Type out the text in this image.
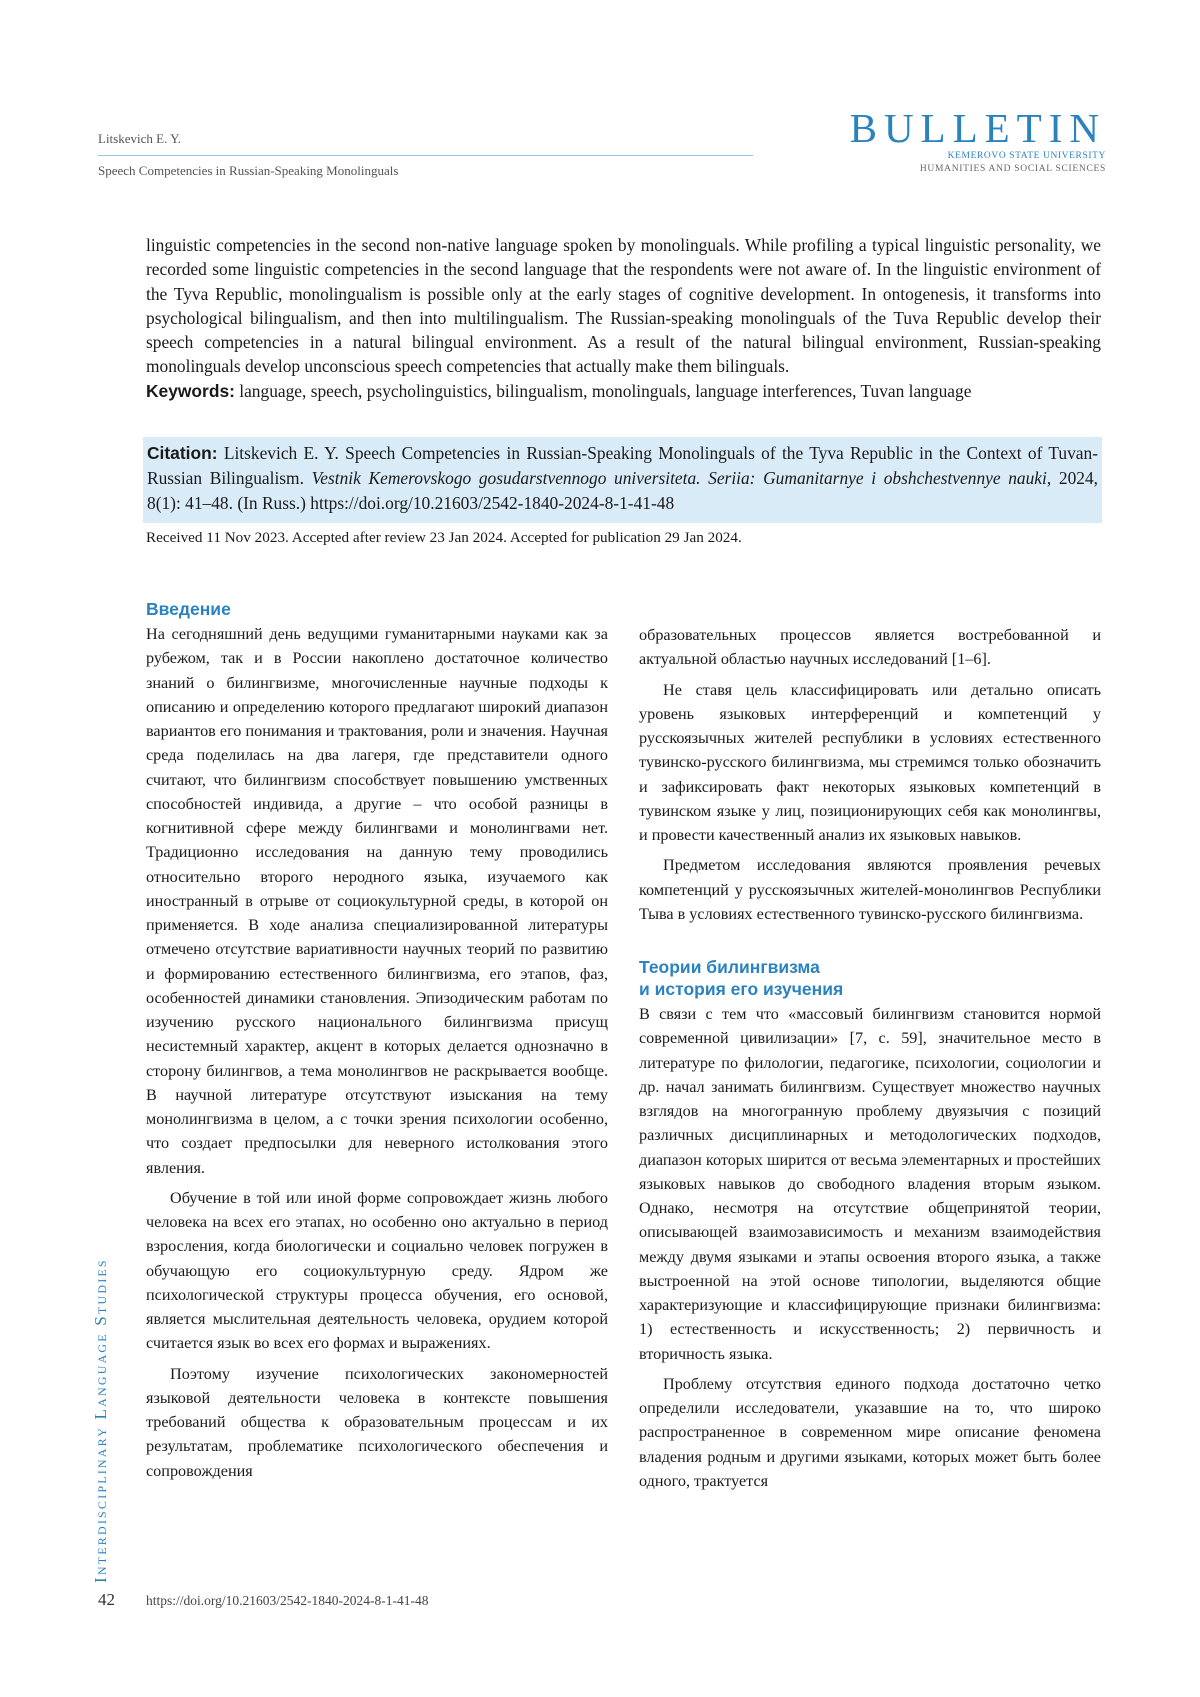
Litskevich E. Y.
Speech Competencies in Russian-Speaking Monolinguals
BULLETIN
KEMEROVO STATE UNIVERSITY
HUMANITIES AND SOCIAL SCIENCES

linguistic competencies in the second non-native language spoken by monolinguals. While profiling a typical linguistic personality, we recorded some linguistic competencies in the second language that the respondents were not aware of. In the linguistic environment of the Tyva Republic, monolingualism is possible only at the early stages of cognitive development. In ontogenesis, it transforms into psychological bilingualism, and then into multilingualism. The Russian-speaking monolinguals of the Tuva Republic develop their speech competencies in a natural bilingual environment. As a result of the natural bilingual environment, Russian-speaking monolinguals develop unconscious speech competencies that actually make them bilinguals.

Keywords: language, speech, psycholinguistics, bilingualism, monolinguals, language interferences, Tuvan language

Citation: Litskevich E. Y. Speech Competencies in Russian-Speaking Monolinguals of the Tyva Republic in the Context of Tuvan-Russian Bilingualism. Vestnik Kemerovskogo gosudarstvennogo universiteta. Seriia: Gumanitarnye i obshchestvennye nauki, 2024, 8(1): 41–48. (In Russ.) https://doi.org/10.21603/2542-1840-2024-8-1-41-48
Received 11 Nov 2023. Accepted after review 23 Jan 2024. Accepted for publication 29 Jan 2024.
Введение

На сегодняшний день ведущими гуманитарными науками как за рубежом, так и в России накоплено достаточное количество знаний о билингвизме, многочисленные научные подходы к описанию и определению которого предлагают широкий диапазон вариантов его понимания и трактования, роли и значения. Научная среда поделилась на два лагеря, где представители одного считают, что билингвизм способствует повышению умственных способностей индивида, а другие – что особой разницы в когнитивной сфере между билингвами и монолингвами нет. Традиционно исследования на данную тему проводились относительно второго неродного языка, изучаемого как иностранный в отрыве от социокультурной среды, в которой он применяется. В ходе анализа специализированной литературы отмечено отсутствие вариативности научных теорий по развитию и формированию естественного билингвизма, его этапов, фаз, особенностей динамики становления. Эпизодическим работам по изучению русского национального билингвизма присущ несистемный характер, акцент в которых делается однозначно в сторону билингвов, а тема монолингвов не раскрывается вообще. В научной литературе отсутствуют изыскания на тему монолингвизма в целом, а с точки зрения психологии особенно, что создает предпосылки для неверного истолкования этого явления.

Обучение в той или иной форме сопровождает жизнь любого человека на всех его этапах, но особенно оно актуально в период взросления, когда биологически и социально человек погружен в обучающую его социокультурную среду. Ядром же психологической структуры процесса обучения, его основой, является мыслительная деятельность человека, орудием которой считается язык во всех его формах и выражениях.

Поэтому изучение психологических закономерностей языковой деятельности человека в контексте повышения требований общества к образовательным процессам и их результатам, проблематике психологического обеспечения и сопровождения

образовательных процессов является востребованной и актуальной областью научных исследований [1–6].

Не ставя цель классифицировать или детально описать уровень языковых интерференций и компетенций у русскоязычных жителей республики в условиях естественного тувинско-русского билингвизма, мы стремимся только обозначить и зафиксировать факт некоторых языковых компетенций в тувинском языке у лиц, позиционирующих себя как монолингвы, и провести качественный анализ их языковых навыков.

Предметом исследования являются проявления речевых компетенций у русскоязычных жителей-монолингвов Республики Тыва в условиях естественного тувинско-русского билингвизма.

Теории билингвизма
и история его изучения

В связи с тем что «массовый билингвизм становится нормой современной цивилизации» [7, с. 59], значительное место в литературе по филологии, педагогике, психологии, социологии и др. начал занимать билингвизм. Существует множество научных взглядов на многогранную проблему двуязычия с позиций различных дисциплинарных и методологических подходов, диапазон которых ширится от весьма элементарных и простейших языковых навыков до свободного владения вторым языком. Однако, несмотря на отсутствие общепринятой теории, описывающей взаимозависимость и механизм взаимодействия между двумя языками и этапы освоения второго языка, а также выстроенной на этой основе типологии, выделяются общие характеризующие и классифицирующие признаки билингвизма: 1) естественность и искусственность; 2) первичность и вторичность языка.

Проблему отсутствия единого подхода достаточно четко определили исследователи, указавшие на то, что широко распространенное в современном мире описание феномена владения родным и другими языками, которых может быть более одного, трактуется

Interdisciplinary Language Studies
42 https://doi.org/10.21603/2542-1840-2024-8-1-41-48
